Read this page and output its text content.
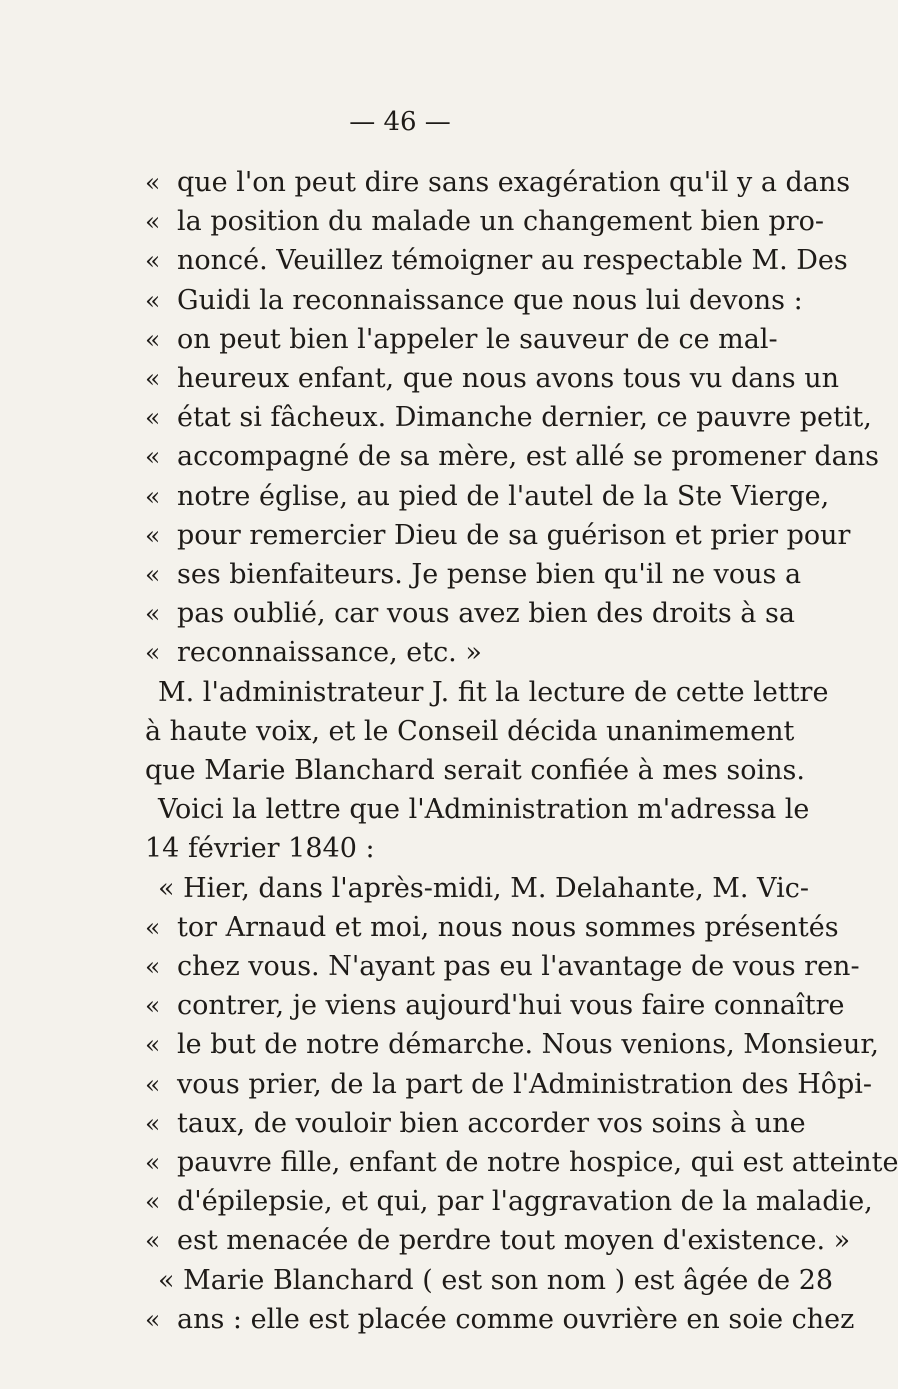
— 46 —
« que l'on peut dire sans exagération qu'il y a dans
« la position du malade un changement bien pro-
« noncé. Veuillez témoigner au respectable M. Des
« Guidi la reconnaissance que nous lui devons :
« on peut bien l'appeler le sauveur de ce mal-
« heureux enfant, que nous avons tous vu dans un
« état si fâcheux. Dimanche dernier, ce pauvre petit,
« accompagné de sa mère, est allé se promener dans
« notre église, au pied de l'autel de la Ste Vierge,
« pour remercier Dieu de sa guérison et prier pour
« ses bienfaiteurs. Je pense bien qu'il ne vous a
« pas oublié, car vous avez bien des droits à sa
« reconnaissance, etc. »
M. l'administrateur J. fit la lecture de cette lettre
à haute voix, et le Conseil décida unanimement
que Marie Blanchard serait confiée à mes soins.
Voici la lettre que l'Administration m'adressa le
14 février 1840 :
« Hier, dans l'après-midi, M. Delahante, M. Vic-
« tor Arnaud et moi, nous nous sommes présentés
« chez vous. N'ayant pas eu l'avantage de vous ren-
« contrer, je viens aujourd'hui vous faire connaître
« le but de notre démarche. Nous venions, Monsieur,
« vous prier, de la part de l'Administration des Hôpi-
« taux, de vouloir bien accorder vos soins à une
« pauvre fille, enfant de notre hospice, qui est atteinte
« d'épilepsie, et qui, par l'aggravation de la maladie,
« est menacée de perdre tout moyen d'existence. »
« Marie Blanchard ( est son nom ) est âgée de 28
« ans : elle est placée comme ouvrière en soie chez
